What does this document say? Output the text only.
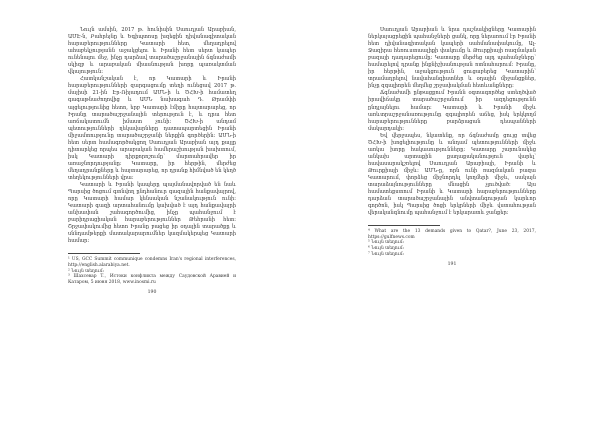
Նույն ամսին, 2017 թ. հունիսին Սաուդյան Արաբիան, ԱՄԷ-ն, Բահրեյնը և Եգիպտոսը խզեցին դիվանագիտական հարաբերությունները Կատարի հետ, մեղադրելով ահաբեկչությանն աջակցելու և Իրանի հետ սերտ կապեր ունենալու մեջ, ինչը դարձավ տարածաշրջանային ճգնաժամի սկիզբ և արաբական միասնության խորը պառակտման վկայություն։

Հատկանշական է, որ Կատարի և Իրանի հարաբերությունների զարգացումը տեղի ունեցավ 2017 թ. մայիսի 21-ին Էր-Ռիյադում ԱՄՆ-ի և ԾՀԽ-ի համատեղ գագաթնաժողովից և ԱՄՆ նախագահ Դ. Թրամփի այցելությունից հետո, երբ Կատարի էմիրը հայտարարեց, որ Իրանը տարածաշրջանային տերություն է, և դրա հետ առճակատումն իմաստ չունի։ ԾՀԽ-ի անդամ պետությունների ղեկավարները դատապարտեցին Իրանի միջամտությունը տարածաշրջանի ներքին գործերին։ ԱՄՆ-ի հետ սերտ համագործակցող Սաուդյան Արաբիան այդ քայլը դիտարկեց որպես արաբական համերաշխության խախտում, իսկ Կատարի դիրքորոշումը՝ մարտահրավեր իր առաջնորդությանը։ Կատարը, իր հերթին, մերժեց մեղադրանքները և հայտարարեց, որ դրանք հիմնված են կեղծ տեղեկությունների վրա։

Կատարի և Իրանի կապերը պայմանավորված են նաև Պարսից ծոցում գտնվող ընդհանուր գազային հանքավայրով, որը Կատարի համար կենսական նշանակություն ունի։ Կատարի գազի արտահանումը կախված է այդ հանքավայրի անխափան շահագործումից, ինչը պահանջում է բարիդրացիական հարաբերություններ Թեհրանի հետ։ Շրջափակումից հետո Իրանը բացեց իր օդային տարածքը և սննդամթերքի մատակարարումներ կազմակերպեց Կատարի համար։

¹ US, GCC Summit communique condemns Iran's regional interferences, http://english.alarabiya.net.

² Նույն տեղում:

³ Шахсевар Т., Истоки конфликта между Саудовской Аравией и Катаром, 5 июня 2018, www.inosmi.ru

190

Սաուդյան Արաբիան և նրա դաշնակիցները Կատարին ներկայացրեցին պահանջների ցանկ, որը ներառում էր Իրանի հետ դիվանագիտական կապերի սահմանափակումը, Ալ-Ջազիրա հեռուստաալիքի փակումը և Թուրքիայի ռազմական բազայի դադարեցումը։ Կատարը մերժեց այդ պահանջները՝ համարելով դրանք ինքնիշխանության ոտնահարում։ Իրանը, իր հերթին, աջակցություն ցուցաբերեց Կատարին՝ տրամադրելով նավահանգիստներ և օդային միջանցքներ, ինչը զգալիորեն մեղմեց շրջափակման հետևանքները։

Ճգնաժամի ընթացքում Իրանն օգտագործեց ստեղծված իրավիճակը տարածաշրջանում իր ազդեցությունն ընդլայնելու համար։ Կատարի և Իրանի միջև առևտրաշրջանառությունը զգալիորեն աճեց, իսկ երկկողմ հարաբերությունները բարձրացան դեսպանների մակարդակի։

Եվ վերջապես, նկատենք, որ ճգնաժամը ցույց տվեց ԾՀԽ-ի խոցելիությունը և անդամ պետությունների միջև առկա խորը հակասությունները։ Կատարը շարունակեց անկախ արտաքին քաղաքականություն վարել՝ հավասարակշռելով Սաուդյան Արաբիայի, Իրանի և Թուրքիայի միջև։ ԱՄՆ-ը, որն ունի ռազմական բազա Կատարում, փորձեց միջնորդել կողմերի միջև, սակայն տարաձայնությունները մնացին չլուծված։ Այս համատեքստում Իրանի և Կատարի հարաբերությունները դարձան տարածաշրջանային անվտանգության կարևոր գործոն, իսկ Պարսից ծոցի երկրների միջև վստահության վերականգնումը պահանջում է երկարատև ջանքեր։

⁴ What are the 13 demands given to Qatar?, June 23, 2017, https://gulfnews.com

⁵ Նույն տեղում:

⁶ Նույն տեղում:

⁷ Նույն տեղում:

191
